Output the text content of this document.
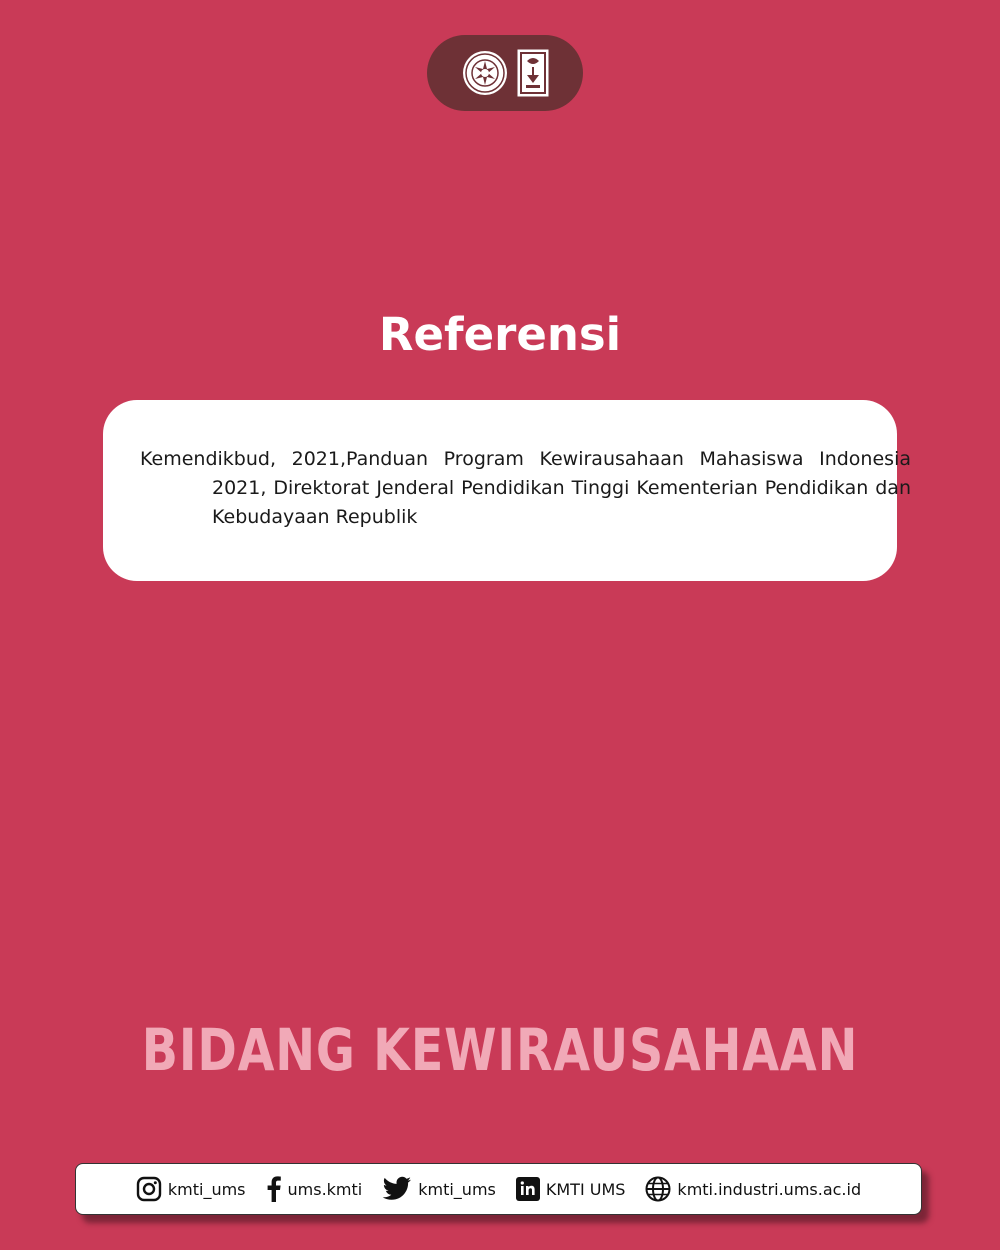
Referensi

Kemendikbud, 2021,Panduan Program Kewirausahaan Mahasiswa Indonesia 2021, Direktorat Jenderal Pendidikan Tinggi Kementerian Pendidikan dan Kebudayaan Republik

BIDANG KEWIRAUSAHAAN
kmti_ums	ums.kmti	kmti_ums	KMTI UMS	kmti.industri.ums.ac.id
